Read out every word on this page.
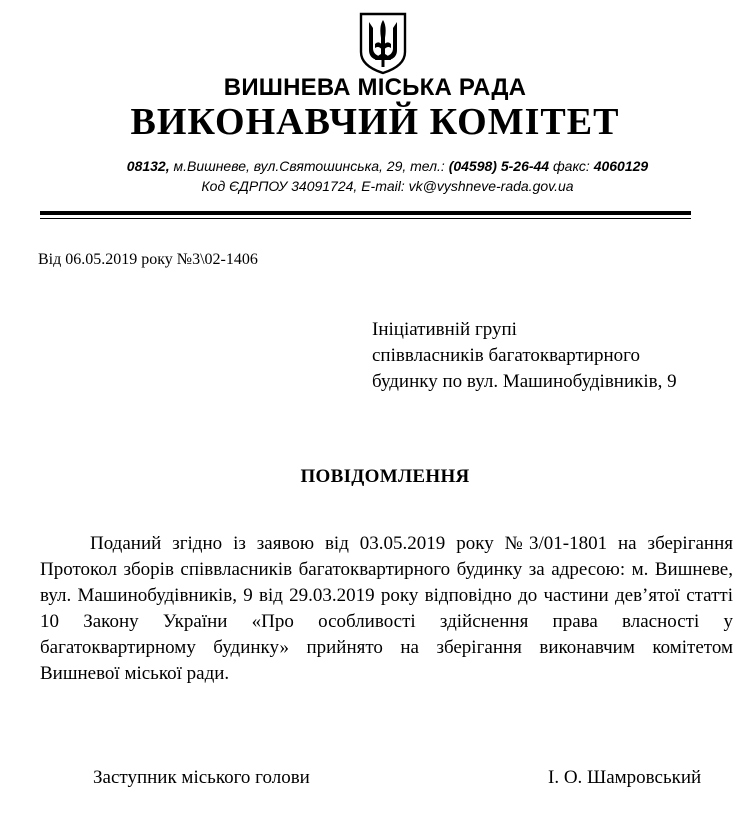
ВИШНЕВА МІСЬКА РАДА
ВИКОНАВЧИЙ КОМІТЕТ
08132, м.Вишневе, вул.Святошинська, 29, тел.: (04598) 5-26-44 факс: 4060129
Код ЄДРПОУ 34091724, E-mail: vk@vyshneve-rada.gov.ua
Від 06.05.2019 року №3\02-1406
Ініціативній групі
співвласників багатоквартирного
будинку по вул. Машинобудівників, 9
ПОВІДОМЛЕННЯ
Поданий згідно із заявою від 03.05.2019 року №3/01-1801 на зберігання Протокол зборів співвласників багатоквартирного будинку за адресою: м. Вишневе, вул. Машинобудівників, 9 від 29.03.2019 року відповідно до частини дев’ятої статті 10 Закону України «Про особливості здійснення права власності у багатоквартирному будинку» прийнято на зберігання виконавчим комітетом Вишневої міської ради.
Заступник міського голови	І. О. Шамровський
